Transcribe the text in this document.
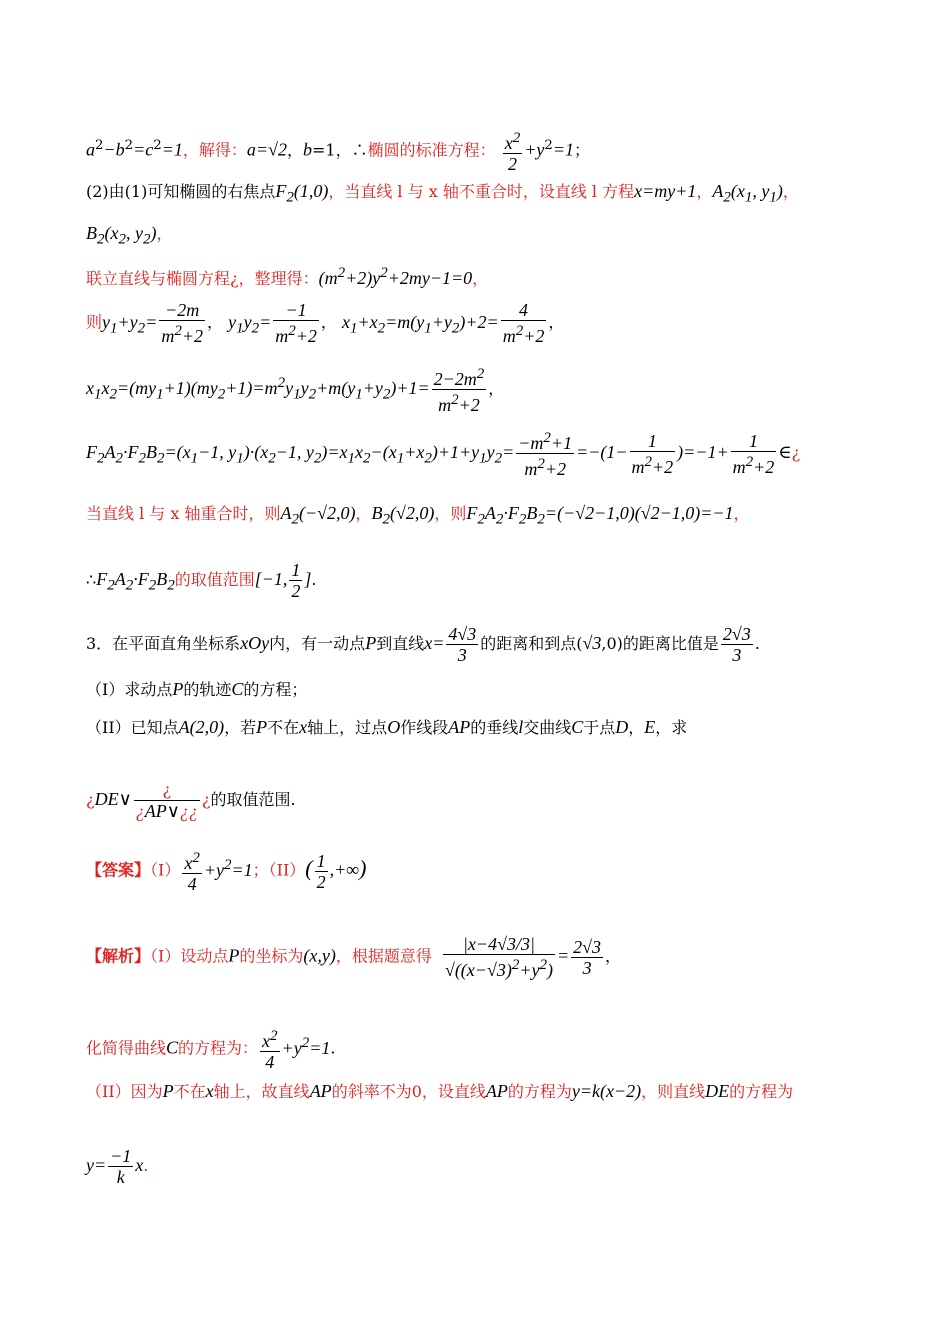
$a^2-b^2=c^2=1$，解得：a=√2，b=1，∴椭圆的标准方程： $\frac{x^2}{2} +y^2=1$；
(2)由(1)可知椭圆的右焦点$F_2(1,0)$，当直线 l 与 x 轴不重合时，设直线 l 方程x=my+1，$A_2(x_1$, $y_1$)，
$B_2(x_2$, $y_2$)，
联立直线与椭圆方程¿，整理得：$(m^2+2)y^2+2my-1=0$，
则$y_1+y_2= \frac{-2m}{m^2+2}$ ， $y_1y_2= \frac{-1}{m^2+2}$ ， $x_1+x_2=m(y_1+y_2)+2= \frac{4}{m^2+2}$ ，
$x_1x_2=(my_1+1)(my_2+1)=m^2y_1y_2+m(y_1+y_2)+1= \frac{2-2m^2}{m^2+2}$ ，
$F_2A_2\cdot F_2B_2=(x_1-1$, $y_1)\cdot(x_2-1$, $y_2)=x_1x_2-(x_1+x_2)+1+y_1y_2= \frac{-m^2+1}{m^2+2} =-(1- \frac{1}{m^2+2} )=-1+ \frac{1}{m^2+2}$ ∈¿
当直线 l 与 x 轴重合时，则$A_2(-√2,0)$，$B_2(√2,0)$，则$F_2A_2\cdot F_2B_2=(-√2-1,0)(√2-1,0)=-1$，
$\therefore F_2A_2\cdot F_2B_2$的取值范围[−1, $\frac{1}{2}$ ].
3．在平面直角坐标系xOy内，有一动点P到直线$x= \frac{4√3}{3}$ 的距离和到点(√3,0)的距离比值是 $\frac{2√3}{3}$ .
（I）求动点P的轨迹C的方程；
（II）已知点A(2,0)，若P不在x轴上，过点O作线段AP的垂线l交曲线C于点D，E，求
¿DE∨ $\frac{¿}{¿AP\vee¿¿}$ ¿的取值范围.
【答案】$(I) \frac{x^2}{4} +y^2=1$；$(II)( \frac{1}{2}$ ,+∞)
【解析】（I）设动点P的坐标为(x,y)，根据题意得 $\frac{|x-4√3/3|}{√((x-√3)^2+y^2)} = \frac{2√3}{3}$ ，
化简得曲线C的方程为： $\frac{x^2}{4} +y^2=1$.
（II）因为P不在x轴上，故直线AP的斜率不为0，设直线AP的方程为y=k(x−2)，则直线DE的方程为
$y= \frac{-1}{k} x$.
